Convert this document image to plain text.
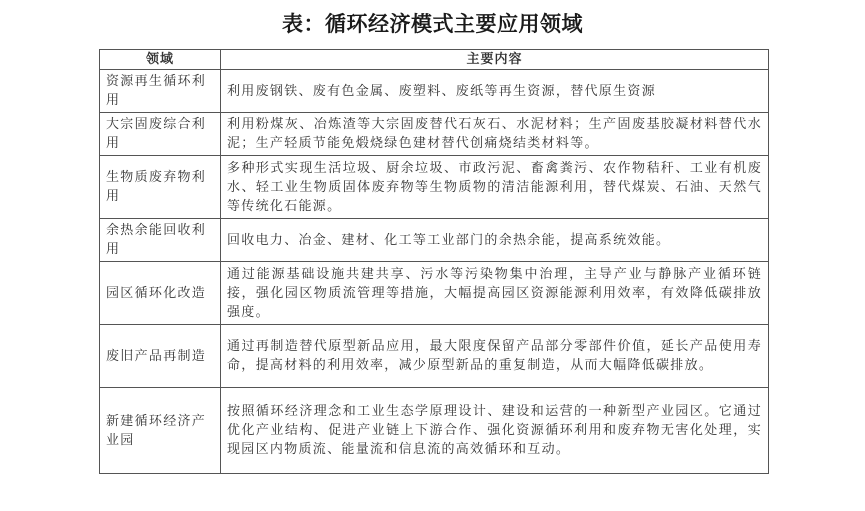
表：循环经济模式主要应用领域
领域	主要内容
资源再生循环利用	利用废钢铁、废有色金属、废塑料、废纸等再生资源，替代原生资源
大宗固废综合利用	利用粉煤灰、冶炼渣等大宗固废替代石灰石、水泥材料；生产固废基胶凝材料替代水泥；生产轻质节能免煅烧绿色建材替代创痛烧结类材料等。
生物质废弃物利用	多种形式实现生活垃圾、厨余垃圾、市政污泥、畜禽粪污、农作物秸秆、工业有机废水、轻工业生物质固体废弃物等生物质物的清洁能源利用，替代煤炭、石油、天然气等传统化石能源。
余热余能回收利用	回收电力、冶金、建材、化工等工业部门的余热余能，提高系统效能。
园区循环化改造	通过能源基础设施共建共享、污水等污染物集中治理，主导产业与静脉产业循环链接，强化园区物质流管理等措施，大幅提高园区资源能源利用效率，有效降低碳排放强度。
废旧产品再制造	通过再制造替代原型新品应用，最大限度保留产品部分零部件价值，延长产品使用寿命，提高材料的利用效率，减少原型新品的重复制造，从而大幅降低碳排放。
新建循环经济产业园	按照循环经济理念和工业生态学原理设计、建设和运营的一种新型产业园区。它通过优化产业结构、促进产业链上下游合作、强化资源循环利用和废弃物无害化处理，实现园区内物质流、能量流和信息流的高效循环和互动。
